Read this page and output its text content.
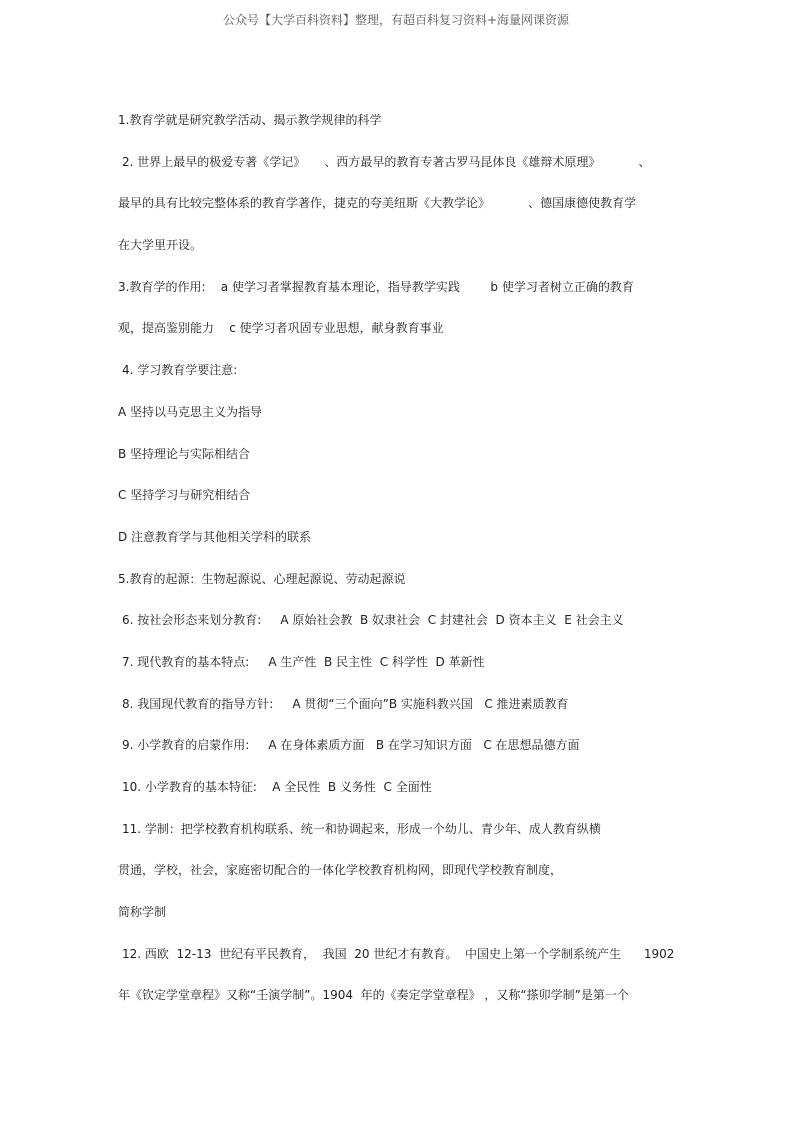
公众号【大学百科资料】整理，有超百科复习资料+海量网课资源
1.教育学就是研究教学活动、揭示教学规律的科学
2. 世界上最早的极爱专著《学记》     、西方最早的教育专著古罗马昆体良《雄辩术原理》          、
最早的具有比较完整体系的教育学著作，捷克的夸美纽斯《大教学论》          、德国康德使教育学
在大学里开设。
3.教育学的作用:    a 使学习者掌握教育基本理论，指导教学实践        b 使学习者树立正确的教育
观，提高鉴别能力    c 使学习者巩固专业思想，献身教育事业
4. 学习教育学要注意:
A 坚持以马克思主义为指导
B 坚持理论与实际相结合
C 坚持学习与研究相结合
D 注意教育学与其他相关学科的联系
5.教育的起源：生物起源说、心理起源说、劳动起源说
6. 按社会形态来划分教育:     A 原始社会教  B 奴隶社会  C 封建社会  D 资本主义  E 社会主义
7. 现代教育的基本特点:     A 生产性  B 民主性  C 科学性  D 革新性
8. 我国现代教育的指导方针:     A 贯彻“三个面向”B 实施科教兴国   C 推进素质教育
9. 小学教育的启蒙作用:     A 在身体素质方面   B 在学习知识方面   C 在思想品德方面
10. 小学教育的基本特征:    A 全民性  B 义务性  C 全面性
11. 学制：把学校教育机构联系、统一和协调起来，形成一个幼儿、青少年、成人教育纵横
贯通，学校，社会，家庭密切配合的一体化学校教育机构网，即现代学校教育制度，
简称学制
12. 西欧  12-13  世纪有平民教育，  我国  20 世纪才有教育。  中国史上第一个学制系统产生      1902
年《钦定学堂章程》又称“壬演学制”。1904  年的《奏定学堂章程》 ，又称“搽卯学制”是第一个
